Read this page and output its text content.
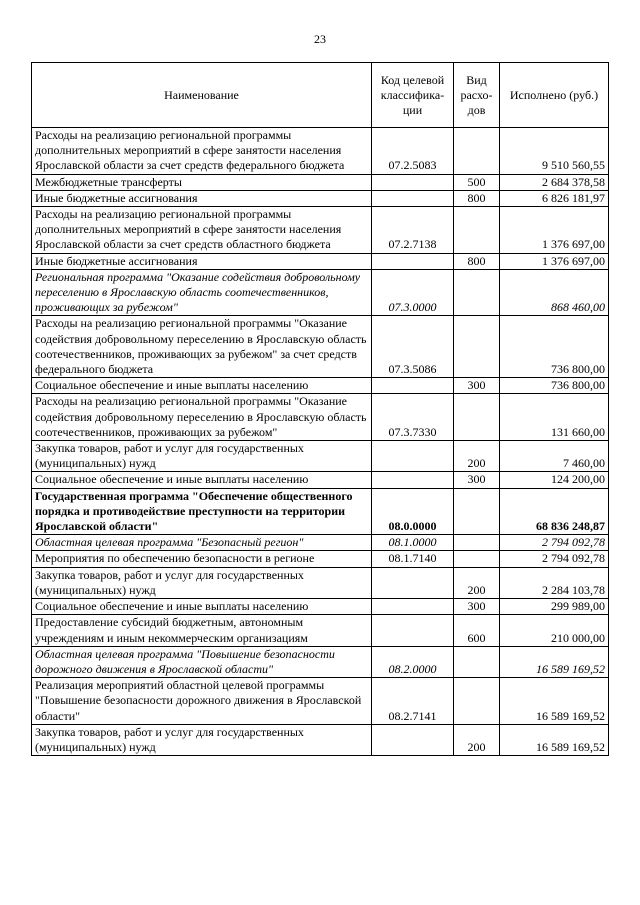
23
Наименование	Код целевой классифика-ции	Вид расхо-дов	Исполнено (руб.)
Расходы на реализацию региональной программы дополнительных мероприятий в сфере занятости населения Ярославской области за счет средств федерального бюджета	07.2.5083		9 510 560,55
Межбюджетные трансферты		500	2 684 378,58
Иные бюджетные ассигнования		800	6 826 181,97
Расходы на реализацию региональной программы дополнительных мероприятий в сфере занятости населения Ярославской области за счет средств областного бюджета	07.2.7138		1 376 697,00
Иные бюджетные ассигнования		800	1 376 697,00
Региональная программа "Оказание содействия добровольному переселению в Ярославскую область соотечественников, проживающих за рубежом"	07.3.0000		868 460,00
Расходы на реализацию региональной программы "Оказание содействия добровольному переселению в Ярославскую область соотечественников, проживающих за рубежом" за счет средств федерального бюджета	07.3.5086		736 800,00
Социальное обеспечение и иные выплаты населению		300	736 800,00
Расходы на реализацию региональной программы "Оказание содействия добровольному переселению в Ярославскую область соотечественников, проживающих за рубежом"	07.3.7330		131 660,00
Закупка товаров, работ и услуг для государственных (муниципальных) нужд		200	7 460,00
Социальное обеспечение и иные выплаты населению		300	124 200,00
Государственная программа "Обеспечение общественного порядка и противодействие преступности на территории Ярославской области"	08.0.0000		68 836 248,87
Областная целевая программа "Безопасный регион"	08.1.0000		2 794 092,78
Мероприятия по обеспечению безопасности в регионе	08.1.7140		2 794 092,78
Закупка товаров, работ и услуг для государственных (муниципальных) нужд		200	2 284 103,78
Социальное обеспечение и иные выплаты населению		300	299 989,00
Предоставление субсидий бюджетным, автономным учреждениям и иным некоммерческим организациям		600	210 000,00
Областная целевая программа "Повышение безопасности дорожного движения в Ярославской области"	08.2.0000		16 589 169,52
Реализация мероприятий областной целевой программы "Повышение безопасности дорожного движения в Ярославской области"	08.2.7141		16 589 169,52
Закупка товаров, работ и услуг для государственных (муниципальных) нужд		200	16 589 169,52
